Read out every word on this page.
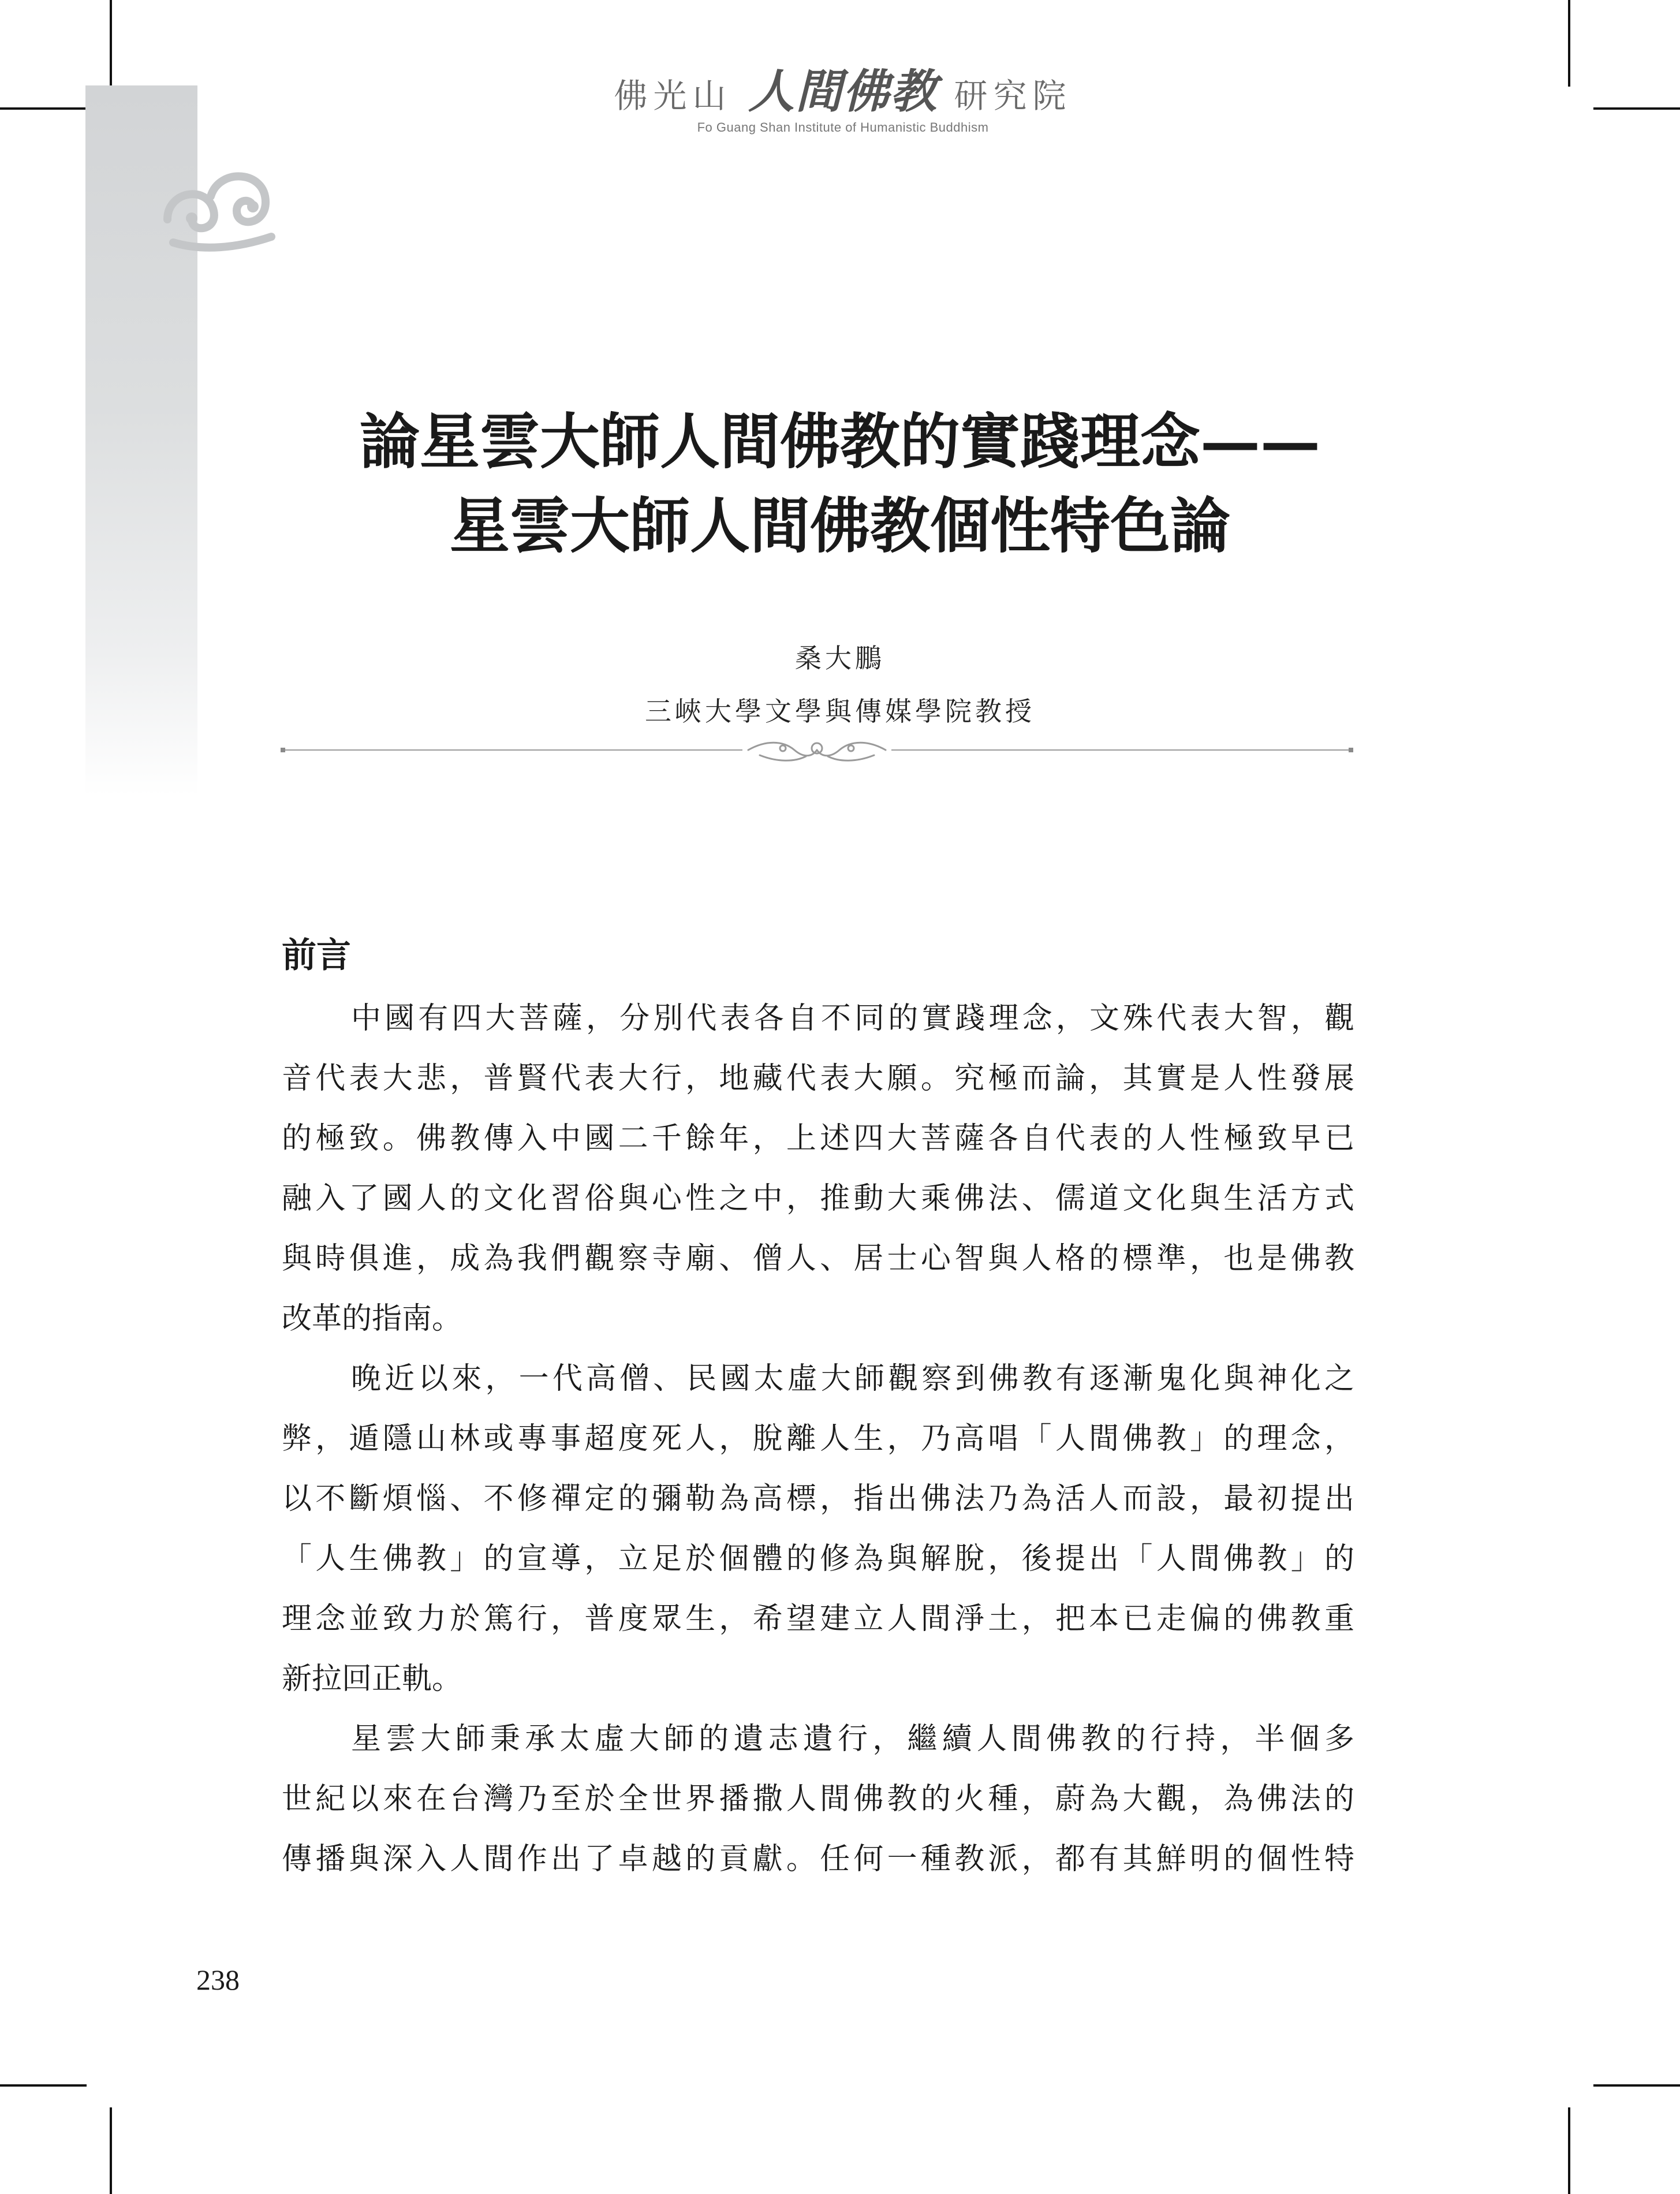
佛光山 人間佛教 研究院
Fo Guang Shan Institute of Humanistic Buddhism
論星雲大師人間佛教的實踐理念——
星雲大師人間佛教個性特色論
桑大鵬
三峽大學文學與傳媒學院教授
前言
中國有四大菩薩，分別代表各自不同的實踐理念，文殊代表大智，觀
音代表大悲，普賢代表大行，地藏代表大願。究極而論，其實是人性發展
的極致。佛教傳入中國二千餘年，上述四大菩薩各自代表的人性極致早已
融入了國人的文化習俗與心性之中，推動大乘佛法、儒道文化與生活方式
與時俱進，成為我們觀察寺廟、僧人、居士心智與人格的標準，也是佛教
改革的指南。
晚近以來，一代高僧、民國太虛大師觀察到佛教有逐漸鬼化與神化之
弊，遁隱山林或專事超度死人，脫離人生，乃高唱「人間佛教」的理念，
以不斷煩惱、不修禪定的彌勒為高標，指出佛法乃為活人而設，最初提出
「人生佛教」的宣導，立足於個體的修為與解脫，後提出「人間佛教」的
理念並致力於篤行，普度眾生，希望建立人間淨土，把本已走偏的佛教重
新拉回正軌。
星雲大師秉承太虛大師的遺志遺行，繼續人間佛教的行持，半個多
世紀以來在台灣乃至於全世界播撒人間佛教的火種，蔚為大觀，為佛法的
傳播與深入人間作出了卓越的貢獻。任何一種教派，都有其鮮明的個性特
238
